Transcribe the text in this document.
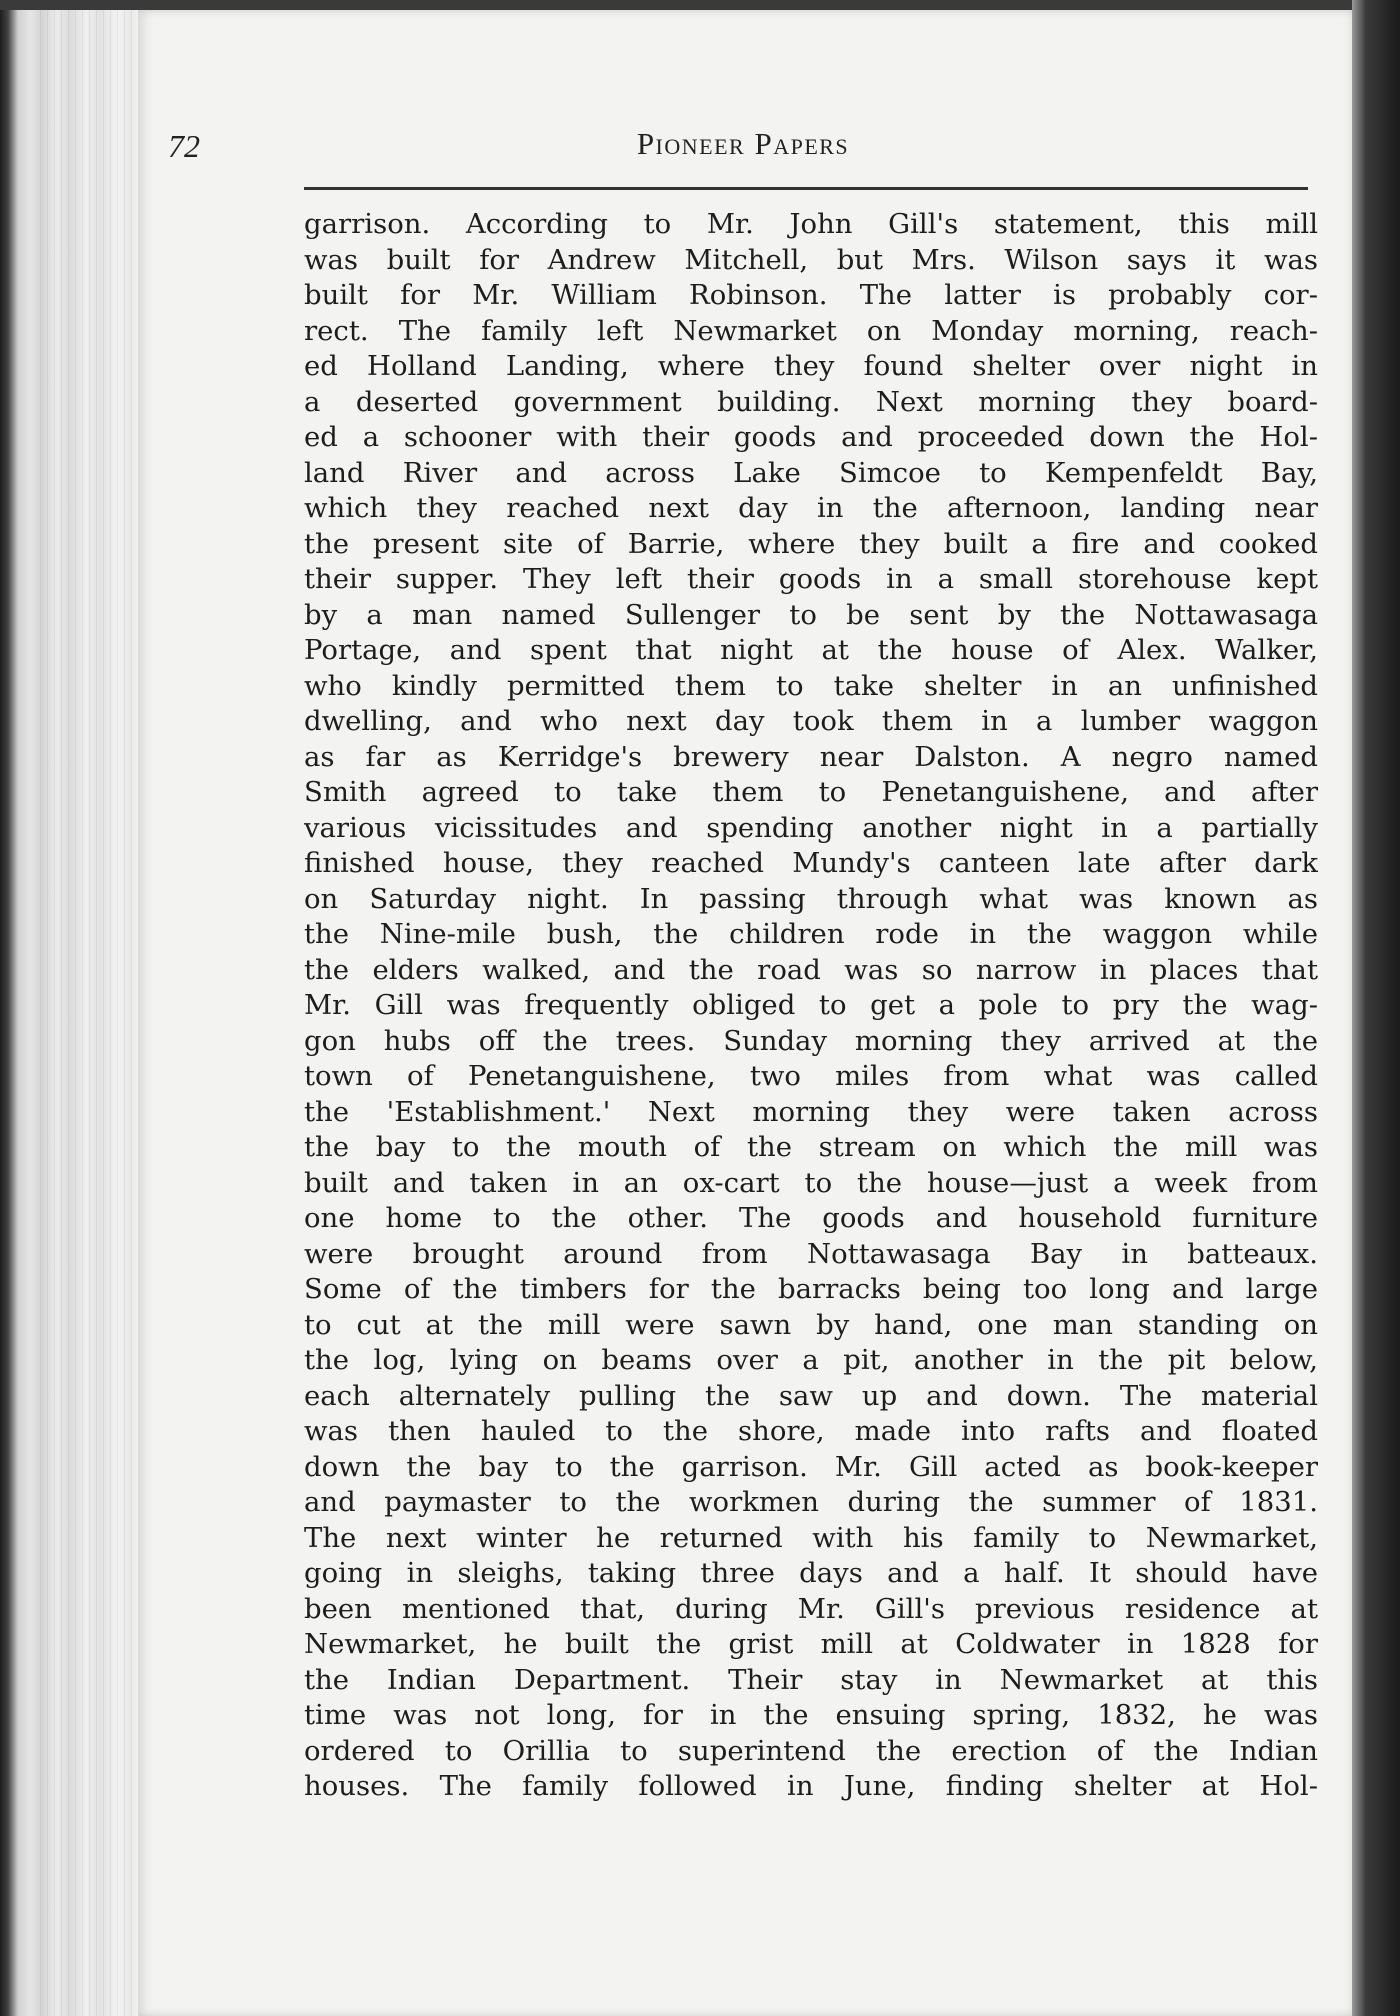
72	Pioneer Papers
garrison. According to Mr. John Gill's statement, this mill
was built for Andrew Mitchell, but Mrs. Wilson says it was
built for Mr. William Robinson. The latter is probably cor-
rect. The family left Newmarket on Monday morning, reach-
ed Holland Landing, where they found shelter over night in
a deserted government building. Next morning they board-
ed a schooner with their goods and proceeded down the Hol-
land River and across Lake Simcoe to Kempenfeldt Bay,
which they reached next day in the afternoon, landing near
the present site of Barrie, where they built a fire and cooked
their supper. They left their goods in a small storehouse kept
by a man named Sullenger to be sent by the Nottawasaga
Portage, and spent that night at the house of Alex. Walker,
who kindly permitted them to take shelter in an unfinished
dwelling, and who next day took them in a lumber waggon
as far as Kerridge's brewery near Dalston. A negro named
Smith agreed to take them to Penetanguishene, and after
various vicissitudes and spending another night in a partially
finished house, they reached Mundy's canteen late after dark
on Saturday night. In passing through what was known as
the Nine-mile bush, the children rode in the waggon while
the elders walked, and the road was so narrow in places that
Mr. Gill was frequently obliged to get a pole to pry the wag-
gon hubs off the trees. Sunday morning they arrived at the
town of Penetanguishene, two miles from what was called
the 'Establishment.' Next morning they were taken across
the bay to the mouth of the stream on which the mill was
built and taken in an ox-cart to the house—just a week from
one home to the other. The goods and household furniture
were brought around from Nottawasaga Bay in batteaux.
Some of the timbers for the barracks being too long and large
to cut at the mill were sawn by hand, one man standing on
the log, lying on beams over a pit, another in the pit below,
each alternately pulling the saw up and down. The material
was then hauled to the shore, made into rafts and floated
down the bay to the garrison. Mr. Gill acted as book-keeper
and paymaster to the workmen during the summer of 1831.
The next winter he returned with his family to Newmarket,
going in sleighs, taking three days and a half. It should have
been mentioned that, during Mr. Gill's previous residence at
Newmarket, he built the grist mill at Coldwater in 1828 for
the Indian Department. Their stay in Newmarket at this
time was not long, for in the ensuing spring, 1832, he was
ordered to Orillia to superintend the erection of the Indian
houses. The family followed in June, finding shelter at Hol-
